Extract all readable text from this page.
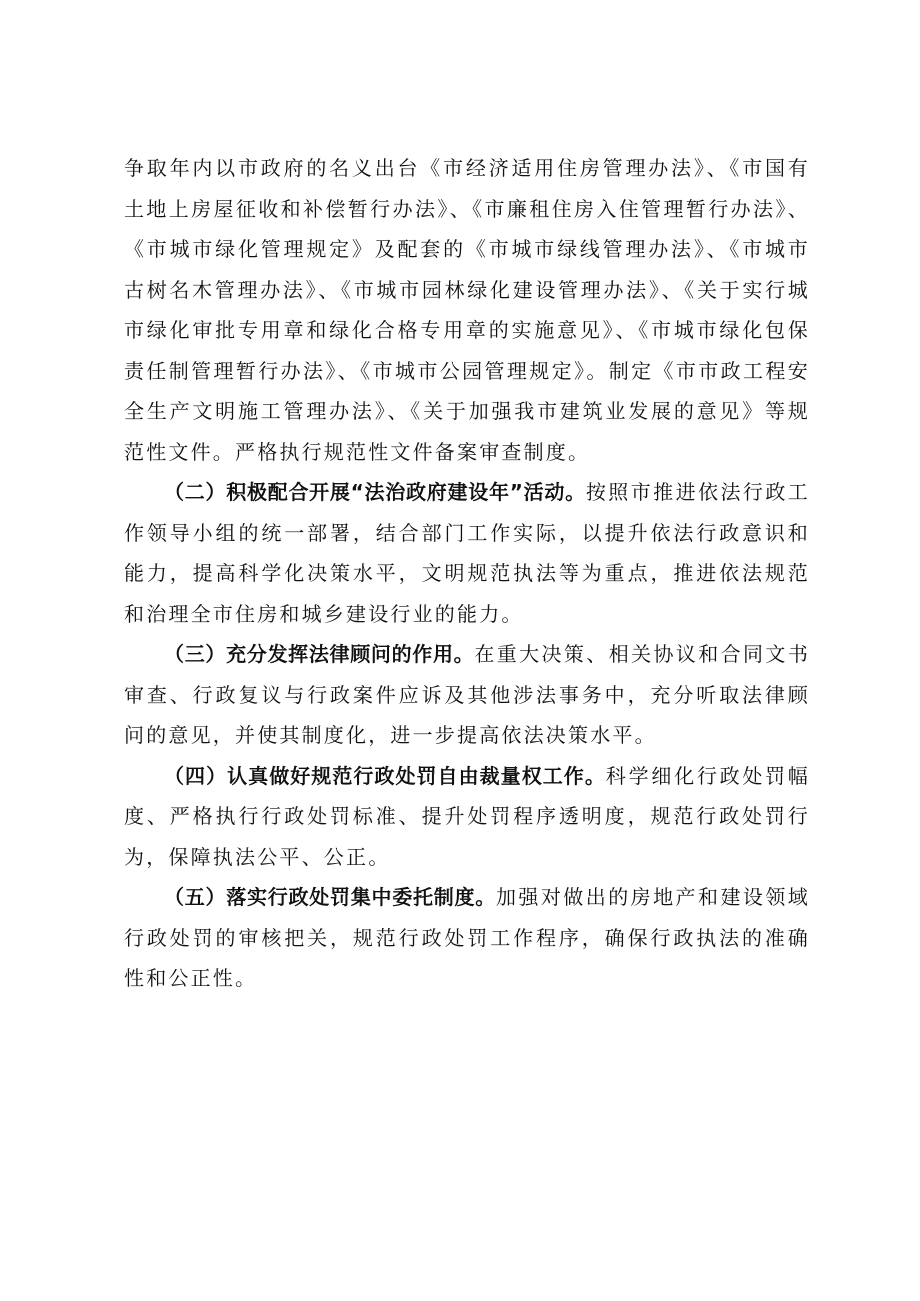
争取年内以市政府的名义出台《市经济适用住房管理办法》、《市国有土地上房屋征收和补偿暂行办法》、《市廉租住房入住管理暂行办法》、《市城市绿化管理规定》及配套的《市城市绿线管理办法》、《市城市古树名木管理办法》、《市城市园林绿化建设管理办法》、《关于实行城市绿化审批专用章和绿化合格专用章的实施意见》、《市城市绿化包保责任制管理暂行办法》、《市城市公园管理规定》。制定《市市政工程安全生产文明施工管理办法》、《关于加强我市建筑业发展的意见》等规范性文件。严格执行规范性文件备案审查制度。

（二）积极配合开展“法治政府建设年”活动。按照市推进依法行政工作领导小组的统一部署，结合部门工作实际，以提升依法行政意识和能力，提高科学化决策水平，文明规范执法等为重点，推进依法规范和治理全市住房和城乡建设行业的能力。

（三）充分发挥法律顾问的作用。在重大决策、相关协议和合同文书审查、行政复议与行政案件应诉及其他涉法事务中，充分听取法律顾问的意见，并使其制度化，进一步提高依法决策水平。

（四）认真做好规范行政处罚自由裁量权工作。科学细化行政处罚幅度、严格执行行政处罚标准、提升处罚程序透明度，规范行政处罚行为，保障执法公平、公正。

（五）落实行政处罚集中委托制度。加强对做出的房地产和建设领域行政处罚的审核把关，规范行政处罚工作程序，确保行政执法的准确性和公正性。
